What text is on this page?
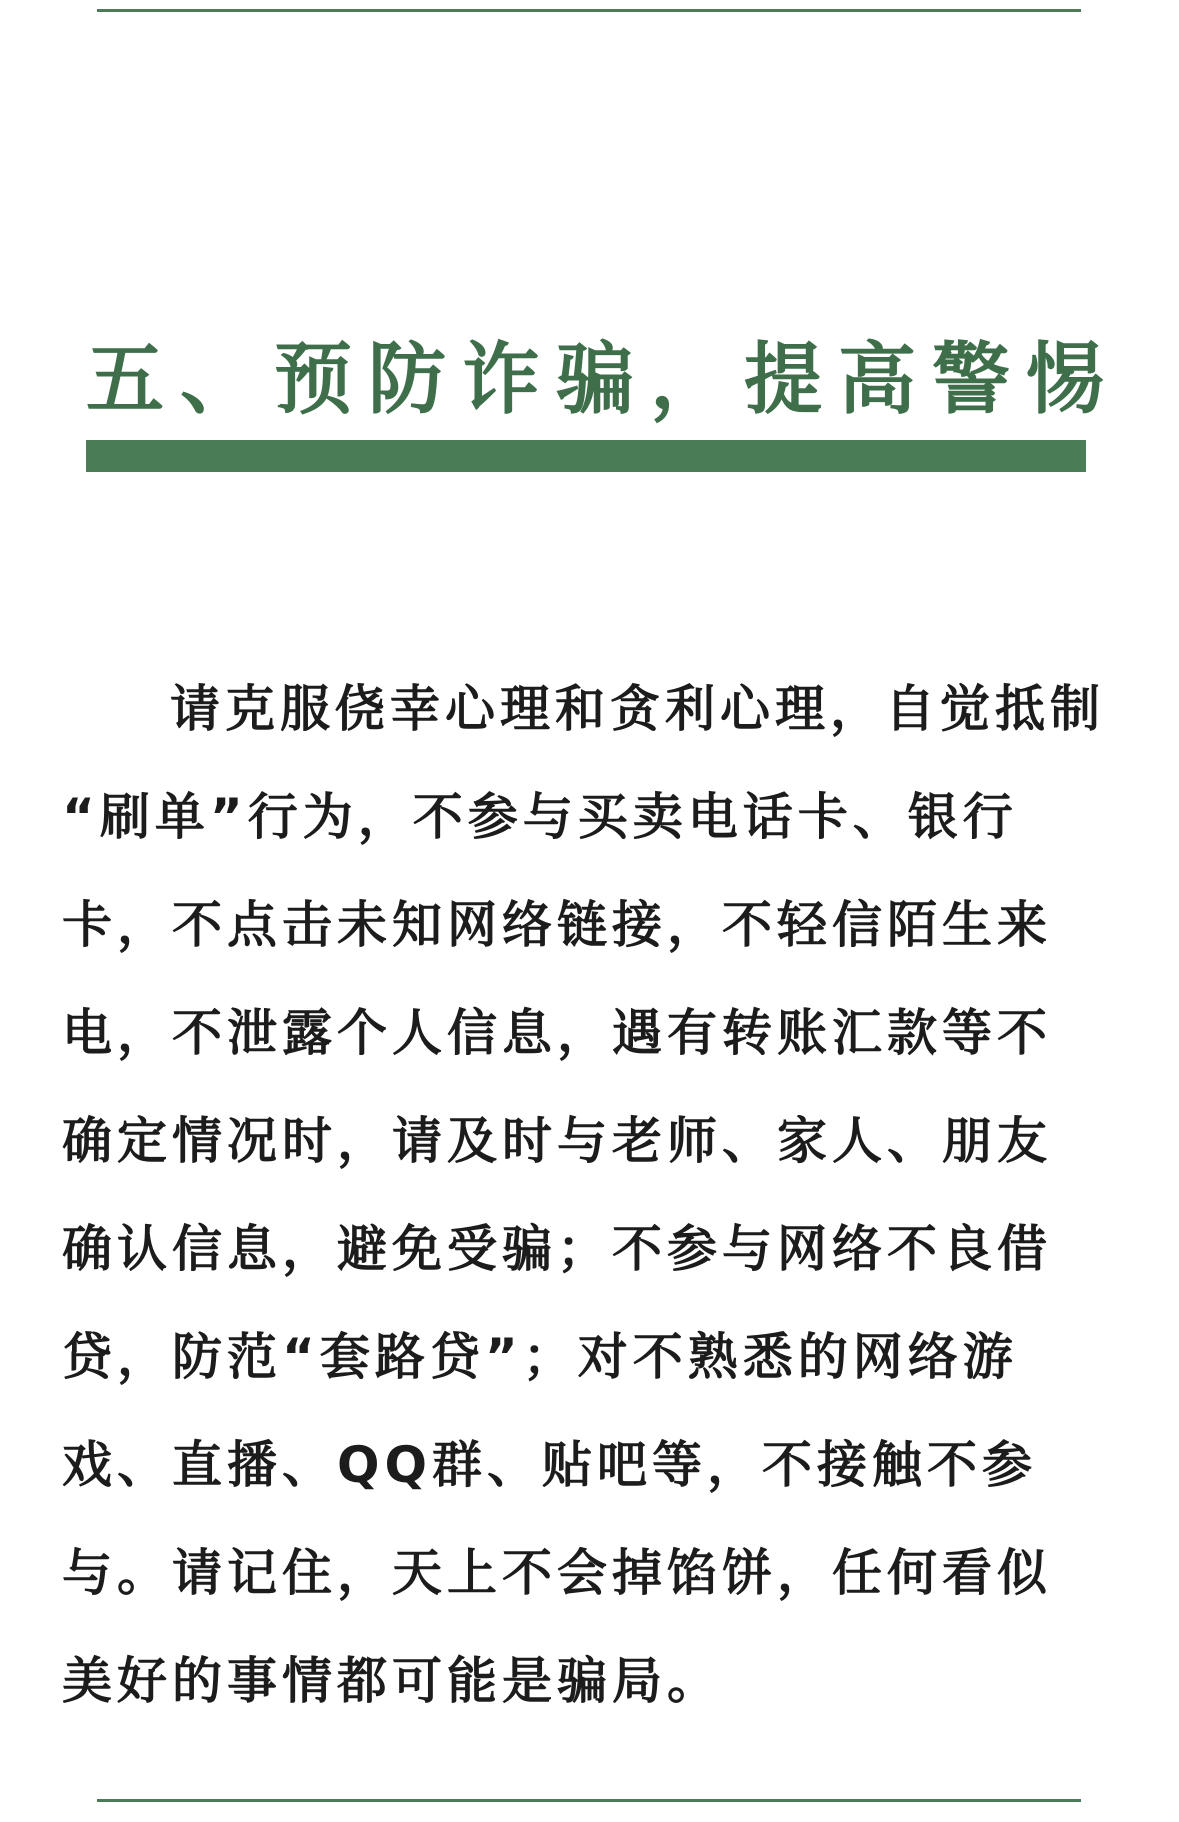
五、预防诈骗，提高警惕

请克服侥幸心理和贪利心理，自觉抵制
“刷单”行为，不参与买卖电话卡、银行
卡，不点击未知网络链接，不轻信陌生来
电，不泄露个人信息，遇有转账汇款等不
确定情况时，请及时与老师、家人、朋友
确认信息，避免受骗；不参与网络不良借
贷，防范“套路贷”；对不熟悉的网络游
戏、直播、QQ群、贴吧等，不接触不参
与。请记住，天上不会掉馅饼，任何看似
美好的事情都可能是骗局。
